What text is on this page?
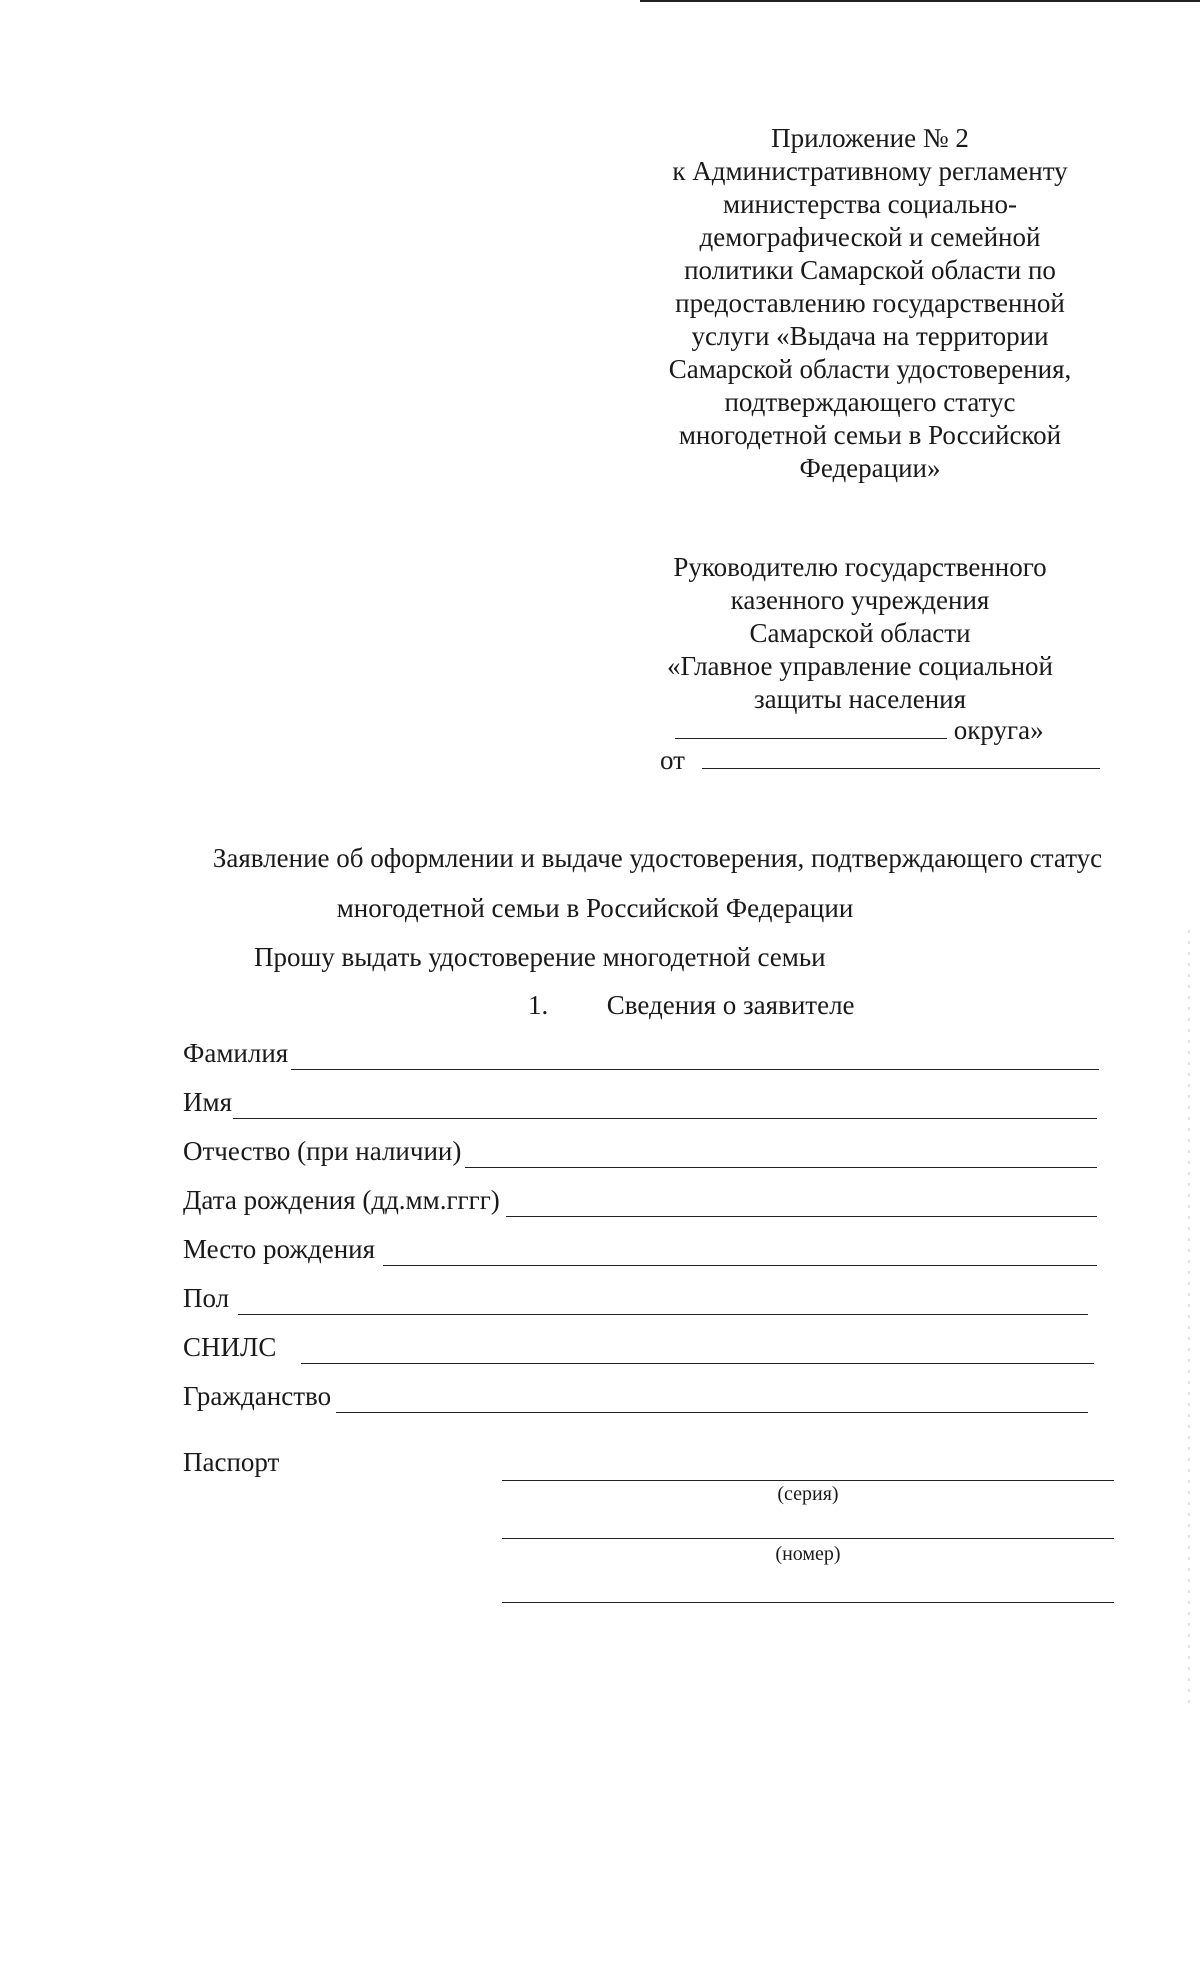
Приложение № 2
к Административному регламенту
министерства социально-
демографической и семейной
политики Самарской области по
предоставлению государственной
услуги «Выдача на территории
Самарской области удостоверения,
подтверждающего статус
многодетной семьи в Российской
Федерации»
Руководителю государственного
казенного учреждения
Самарской области
«Главное управление социальной
защиты населения
округа»
от
Заявление об оформлении и выдаче удостоверения, подтверждающего статус
многодетной семьи в Российской Федерации
Прошу выдать удостоверение многодетной семьи
1. Сведения о заявителе
Фамилия
Имя
Отчество (при наличии)
Дата рождения (дд.мм.гггг)
Место рождения
Пол
СНИЛС
Гражданство
Паспорт
(серия)
(номер)
